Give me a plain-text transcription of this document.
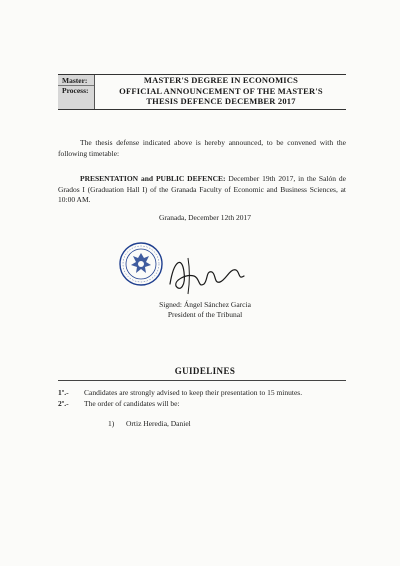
Master:
Process:
MASTER'S DEGREE IN ECONOMICS
OFFICIAL ANNOUNCEMENT OF THE MASTER'S
THESIS DEFENCE DECEMBER 2017
The thesis defense indicated above is hereby announced, to be convened with the following timetable:
PRESENTATION and PUBLIC DEFENCE: December 19th 2017, in the Salón de Grados I (Graduation Hall I) of the Granada Faculty of Economic and Business Sciences, at 10:00 AM.
Granada, December 12th 2017
Signed: Ángel Sánchez Garcia
President of the Tribunal
GUIDELINES
1º.- Candidates are strongly advised to keep their presentation to 15 minutes.
2º.- The order of candidates will be:
1) Ortiz Heredia, Daniel
